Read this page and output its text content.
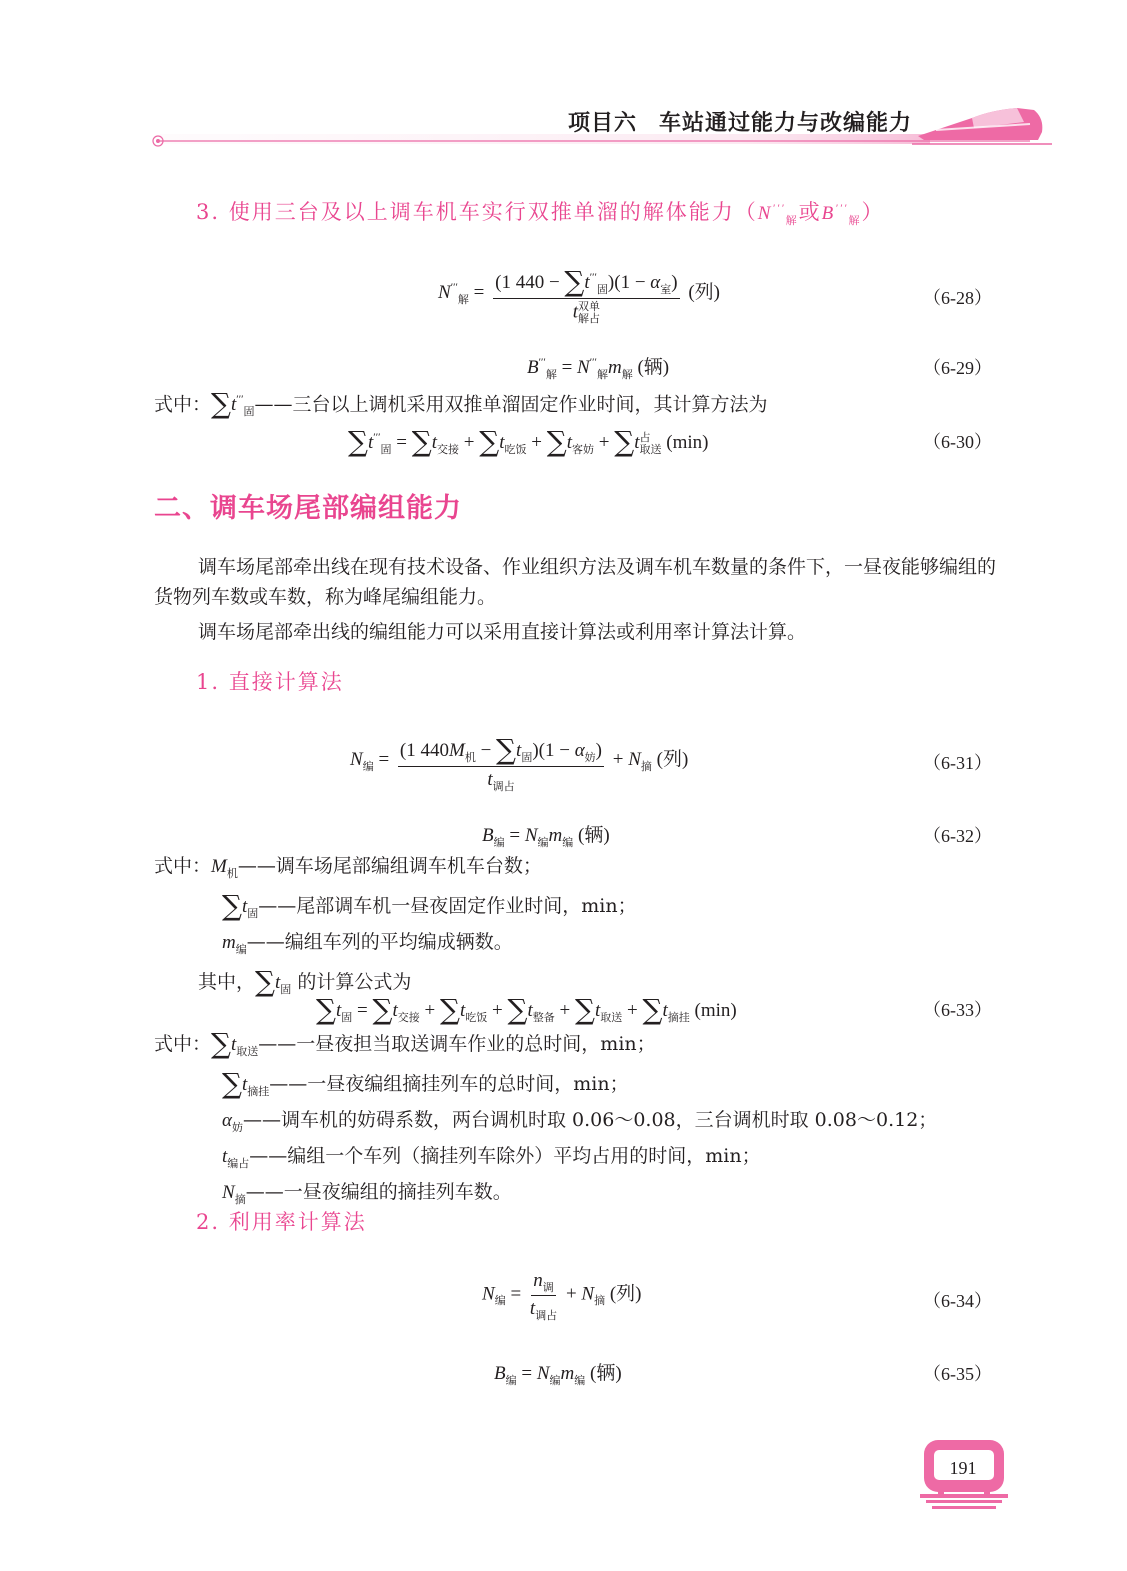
项目六 车站通过能力与改编能力
3. 使用三台及以上调车机车实行双推单溜的解体能力（$N'''_解$或$B'''_解$）
$N'''_解 = (1$ $440 - \sum t'''_固)(1 - \alpha_室)$
t 双单
解占 (列)	（6-28）
$B'''_解 = N'''_解m_解$ (辆)	（6-29）
式中：$\sum t'''_固——$三台以上调机采用双推单溜固定作业时间，其计算方法为
$\sum t'''_固 = \sum t_{交接} + \sum t_{吃饭} + \sum t_{客妨} + \sum t$ 占
取送 (min)	（6-30）
二、调车场尾部编组能力
调车场尾部牵出线在现有技术设备、作业组织方法及调车机车数量的条件下，一昼夜能够编组的货物列车数或车数，称为峰尾编组能力。
调车场尾部牵出线的编组能力可以采用直接计算法或利用率计算法计算。
1. 直接计算法
$N_编 = \frac{(1 440M_机 - \sum t_固)(1 - \alpha_妨)}{t_{调占}} + N_摘$ (列)	（6-31）
$B_编 = N_编m_编$ (辆)	（6-32）
式中：$M_机——$调车场尾部编组调车机车台数；
$\sum t_固——$尾部调车机一昼夜固定作业时间，min；
$m_编——$编组车列的平均编成辆数。
其中，$\sum t_固$ 的计算公式为
$\sum t_固 = \sum t_{交接} + \sum t_{吃饭} + \sum t_{整备} + \sum t_{取送} + \sum t_{摘挂}$ (min)	（6-33）
式中：$\sum t_{取送}——$一昼夜担当取送调车作业的总时间，min；
$\sum t_{摘挂}——$一昼夜编组摘挂列车的总时间，min；
$\alpha_妨——$调车机的妨碍系数，两台调机时取 0.06～0.08，三台调机时取 0.08～0.12；
$t_{编占}——$编组一个车列（摘挂列车除外）平均占用的时间，min；
$N_摘——$一昼夜编组的摘挂列车数。
2. 利用率计算法
$N_编 = \frac{n_调}{t_{调占}} + N_摘$ (列)	（6-34）
$B_编 = N_编m_编$ (辆)	（6-35）
191
